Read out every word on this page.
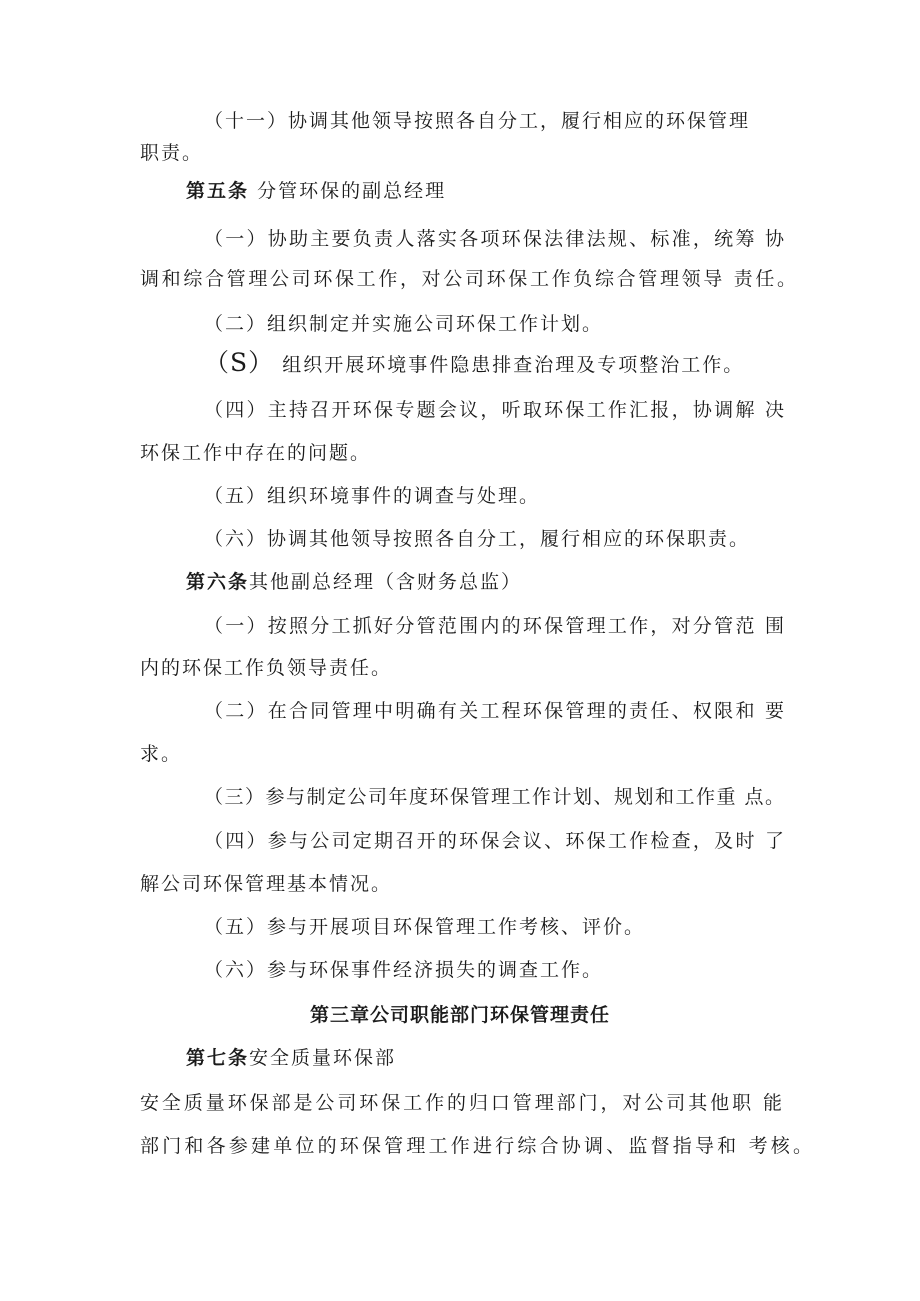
（十一）协调其他领导按照各自分工，履行相应的环保管理
职责。
第五条 分管环保的副总经理
（一）协助主要负责人落实各项环保法律法规、标准，统筹 协
调和综合管理公司环保工作，对公司环保工作负综合管理领导 责任。
（二）组织制定并实施公司环保工作计划。
（S） 组织开展环境事件隐患排查治理及专项整治工作。
（四）主持召开环保专题会议，听取环保工作汇报，协调解 决
环保工作中存在的问题。
（五）组织环境事件的调查与处理。
（六）协调其他领导按照各自分工，履行相应的环保职责。
第六条其他副总经理（含财务总监）
（一）按照分工抓好分管范围内的环保管理工作，对分管范 围
内的环保工作负领导责任。
（二）在合同管理中明确有关工程环保管理的责任、权限和 要
求。
（三）参与制定公司年度环保管理工作计划、规划和工作重 点。
（四）参与公司定期召开的环保会议、环保工作检查，及时 了
解公司环保管理基本情况。
（五）参与开展项目环保管理工作考核、评价。
（六）参与环保事件经济损失的调查工作。
第三章公司职能部门环保管理责任
第七条安全质量环保部
安全质量环保部是公司环保工作的归口管理部门，对公司其他职 能
部门和各参建单位的环保管理工作进行综合协调、监督指导和 考核。
